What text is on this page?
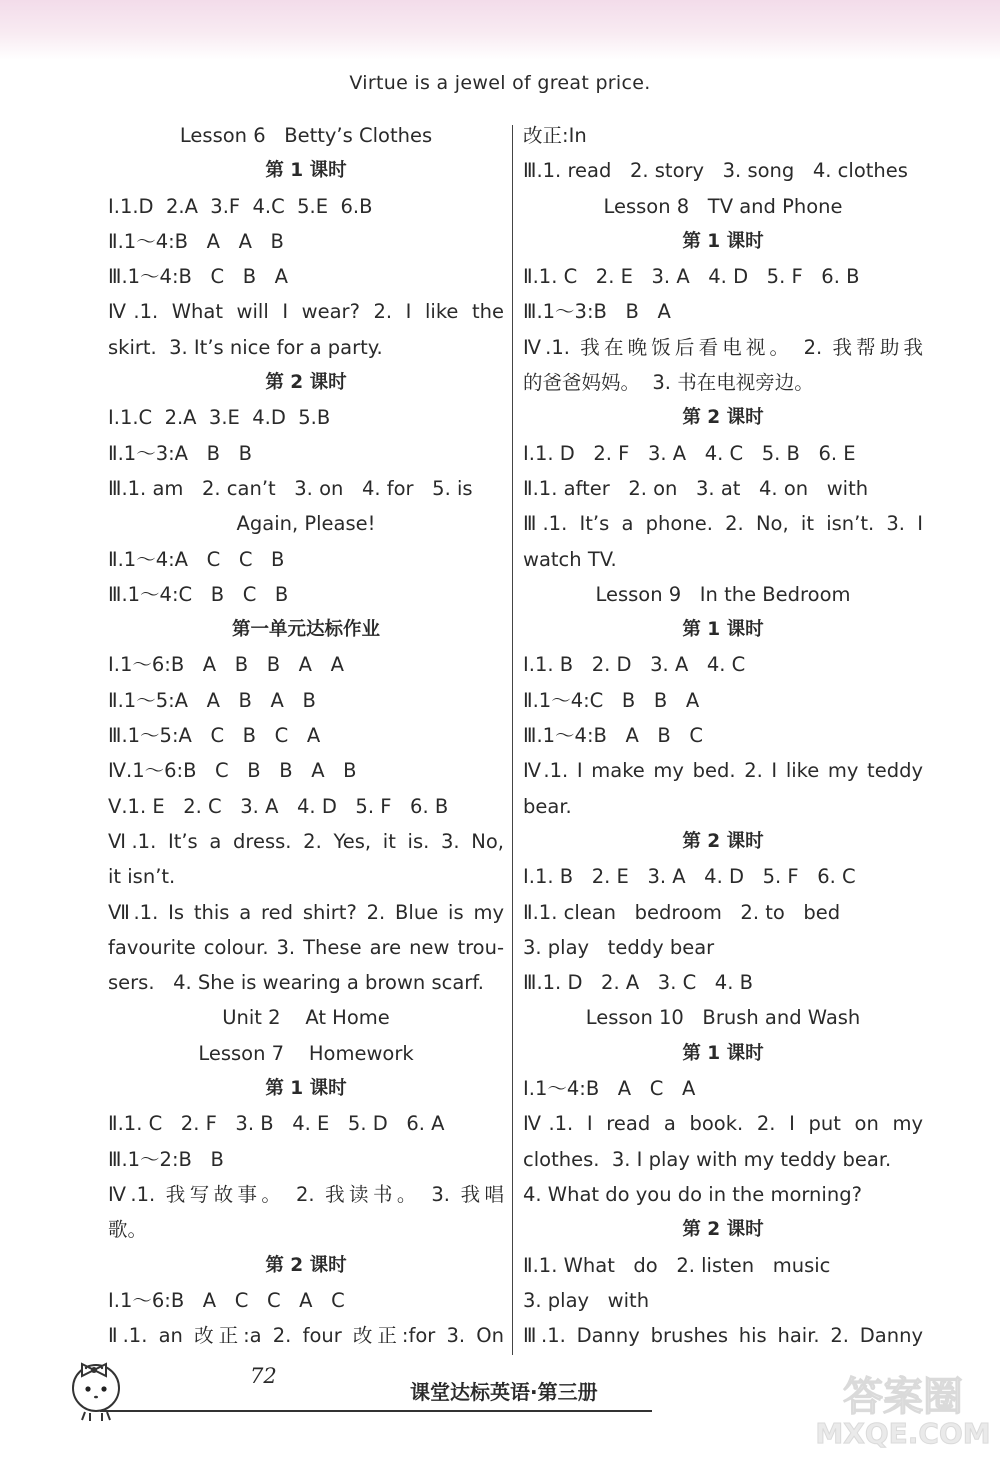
Virtue is a jewel of great price.
Lesson 6   Betty’s Clothes
第 1 课时
Ⅰ.1.D  2.A  3.F  4.C  5.E  6.B
Ⅱ.1～4:B   A   A   B
Ⅲ.1～4:B   C   B   A
Ⅳ.1. What will I wear? 2. I like the
skirt.  3. It’s nice for a party.
第 2 课时
Ⅰ.1.C  2.A  3.E  4.D  5.B
Ⅱ.1～3:A   B   B
Ⅲ.1. am   2. can’t   3. on   4. for   5. is
Again, Please!
Ⅱ.1～4:A   C   C   B
Ⅲ.1～4:C   B   C   B
第一单元达标作业
Ⅰ.1～6:B   A   B   B   A   A
Ⅱ.1～5:A   A   B   A   B
Ⅲ.1～5:A   C   B   C   A
Ⅳ.1～6:B   C   B   B   A   B
Ⅴ.1. E   2. C   3. A   4. D   5. F   6. B
Ⅵ.1. It’s a dress. 2. Yes, it is. 3. No,
it isn’t.
Ⅶ.1. Is this a red shirt? 2. Blue is my
favourite colour. 3. These are new trou-
sers.   4. She is wearing a brown scarf.
Unit 2    At Home
Lesson 7    Homework
第 1 课时
Ⅱ.1. C   2. F   3. B   4. E   5. D   6. A
Ⅲ.1～2:B   B
Ⅳ.1. 我写故事。 2. 我读书。 3. 我唱
歌。
第 2 课时
Ⅰ.1～6:B   A   C   C   A   C
Ⅱ.1. an 改正:a 2. four 改正:for 3. On
改正:In
Ⅲ.1. read   2. story   3. song   4. clothes
Lesson 8   TV and Phone
第 1 课时
Ⅱ.1. C   2. E   3. A   4. D   5. F   6. B
Ⅲ.1～3:B   B   A
Ⅳ.1. 我在晚饭后看电视。 2. 我帮助我
的爸爸妈妈。  3. 书在电视旁边。
第 2 课时
Ⅰ.1. D   2. F   3. A   4. C   5. B   6. E
Ⅱ.1. after   2. on   3. at   4. on   with
Ⅲ.1. It’s a phone. 2. No, it isn’t. 3. I
watch TV.
Lesson 9   In the Bedroom
第 1 课时
Ⅰ.1. B   2. D   3. A   4. C
Ⅱ.1～4:C   B   B   A
Ⅲ.1～4:B   A   B   C
Ⅳ.1. I make my bed. 2. I like my teddy
bear.
第 2 课时
Ⅰ.1. B   2. E   3. A   4. D   5. F   6. C
Ⅱ.1. clean   bedroom   2. to   bed
3. play   teddy bear
Ⅲ.1. D   2. A   3. C   4. B
Lesson 10   Brush and Wash
第 1 课时
Ⅰ.1～4:B   A   C   A
Ⅳ.1. I read a book. 2. I put on my
clothes.  3. I play with my teddy bear.
4. What do you do in the morning?
第 2 课时
Ⅱ.1. What   do   2. listen   music
3. play   with
Ⅲ.1. Danny brushes his hair. 2. Danny
72
课堂达标英语·第三册	答案圈
MXQE.COM
